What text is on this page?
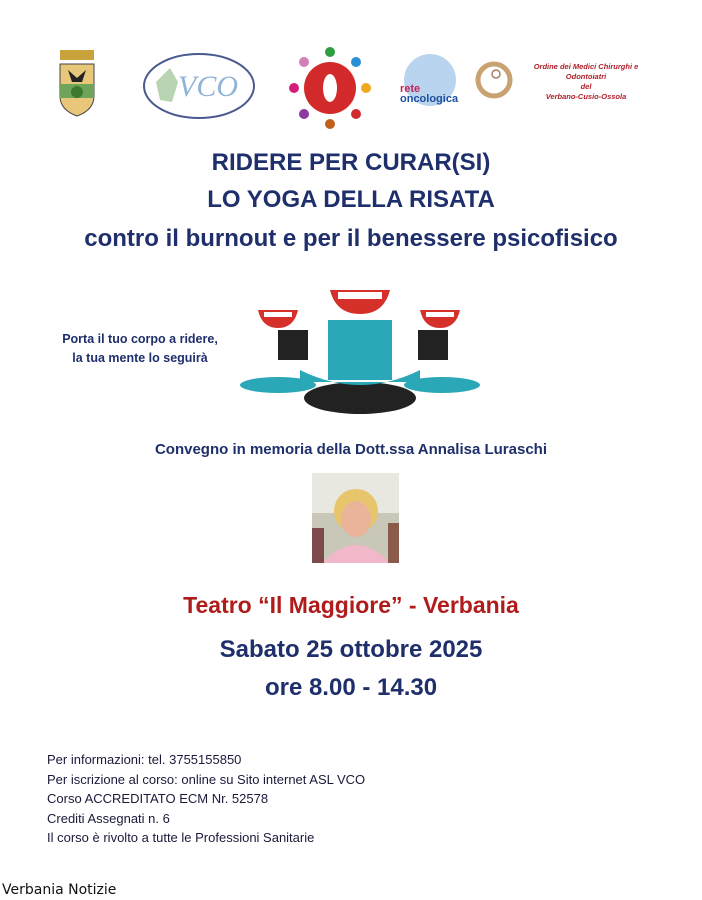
VCO	rete
oncologica
Ordine dei Medici Chirurghi e Odontoiatri
del
Verbano-Cusio-Ossola
RIDERE PER CURAR(SI)
LO YOGA DELLA RISATA
contro il burnout e per il benessere psicofisico
Porta il tuo corpo a ridere,
la tua mente lo seguirà
Convegno in memoria della Dott.ssa Annalisa Luraschi
Teatro “Il Maggiore” - Verbania
Sabato 25 ottobre 2025
ore 8.00 - 14.30
Per informazioni: tel. 3755155850
Per iscrizione al corso: online su Sito internet ASL VCO
Corso ACCREDITATO ECM Nr. 52578
Crediti Assegnati n. 6
Il corso è rivolto a tutte le Professioni Sanitarie
Verbania Notizie
